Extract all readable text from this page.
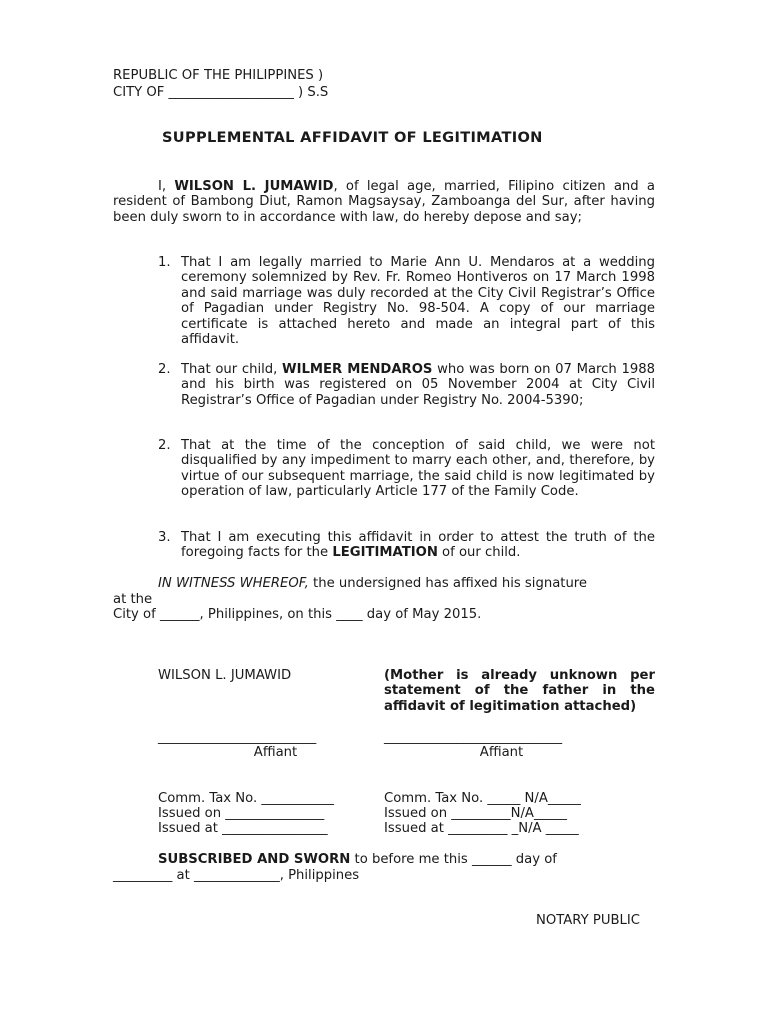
REPUBLIC OF THE PHILIPPINES )
CITY OF ___________________ ) S.S
SUPPLEMENTAL AFFIDAVIT OF LEGITIMATION
I, WILSON L. JUMAWID, of legal age, married, Filipino citizen and a resident of Bambong Diut, Ramon Magsaysay, Zamboanga del Sur, after having been duly sworn to in accordance with law, do hereby depose and say;
1. That I am legally married to Marie Ann U. Mendaros at a wedding ceremony solemnized by Rev. Fr. Romeo Hontiveros on 17 March 1998 and said marriage was duly recorded at the City Civil Registrar’s Office of Pagadian under Registry No. 98-504. A copy of our marriage certificate is attached hereto and made an integral part of this affidavit.
2. That our child, WILMER MENDAROS who was born on 07 March 1988 and his birth was registered on 05 November 2004 at City Civil Registrar’s Office of Pagadian under Registry No. 2004-5390;
2. That at the time of the conception of said child, we were not disqualified by any impediment to marry each other, and, therefore, by virtue of our subsequent marriage, the said child is now legitimated by operation of law, particularly Article 177 of the Family Code.
3. That I am executing this affidavit in order to attest the truth of the foregoing facts for the LEGITIMATION of our child.
IN WITNESS WHEREOF, the undersigned has affixed his signature
at the
City of ______, Philippines, on this ____ day of May 2015.
WILSON L. JUMAWID	(Mother is already unknown per statement of the father in the affidavit of legitimation attached)
________________________
Affiant
___________________________
Affiant
Comm. Tax No. ___________
Issued on _______________
Issued at ________________
Comm. Tax No. _____ N/A_____
Issued on _________N/A_____
Issued at _________ _N/A _____
SUBSCRIBED AND SWORN to before me this ______ day of
_________ at _____________, Philippines
NOTARY PUBLIC
